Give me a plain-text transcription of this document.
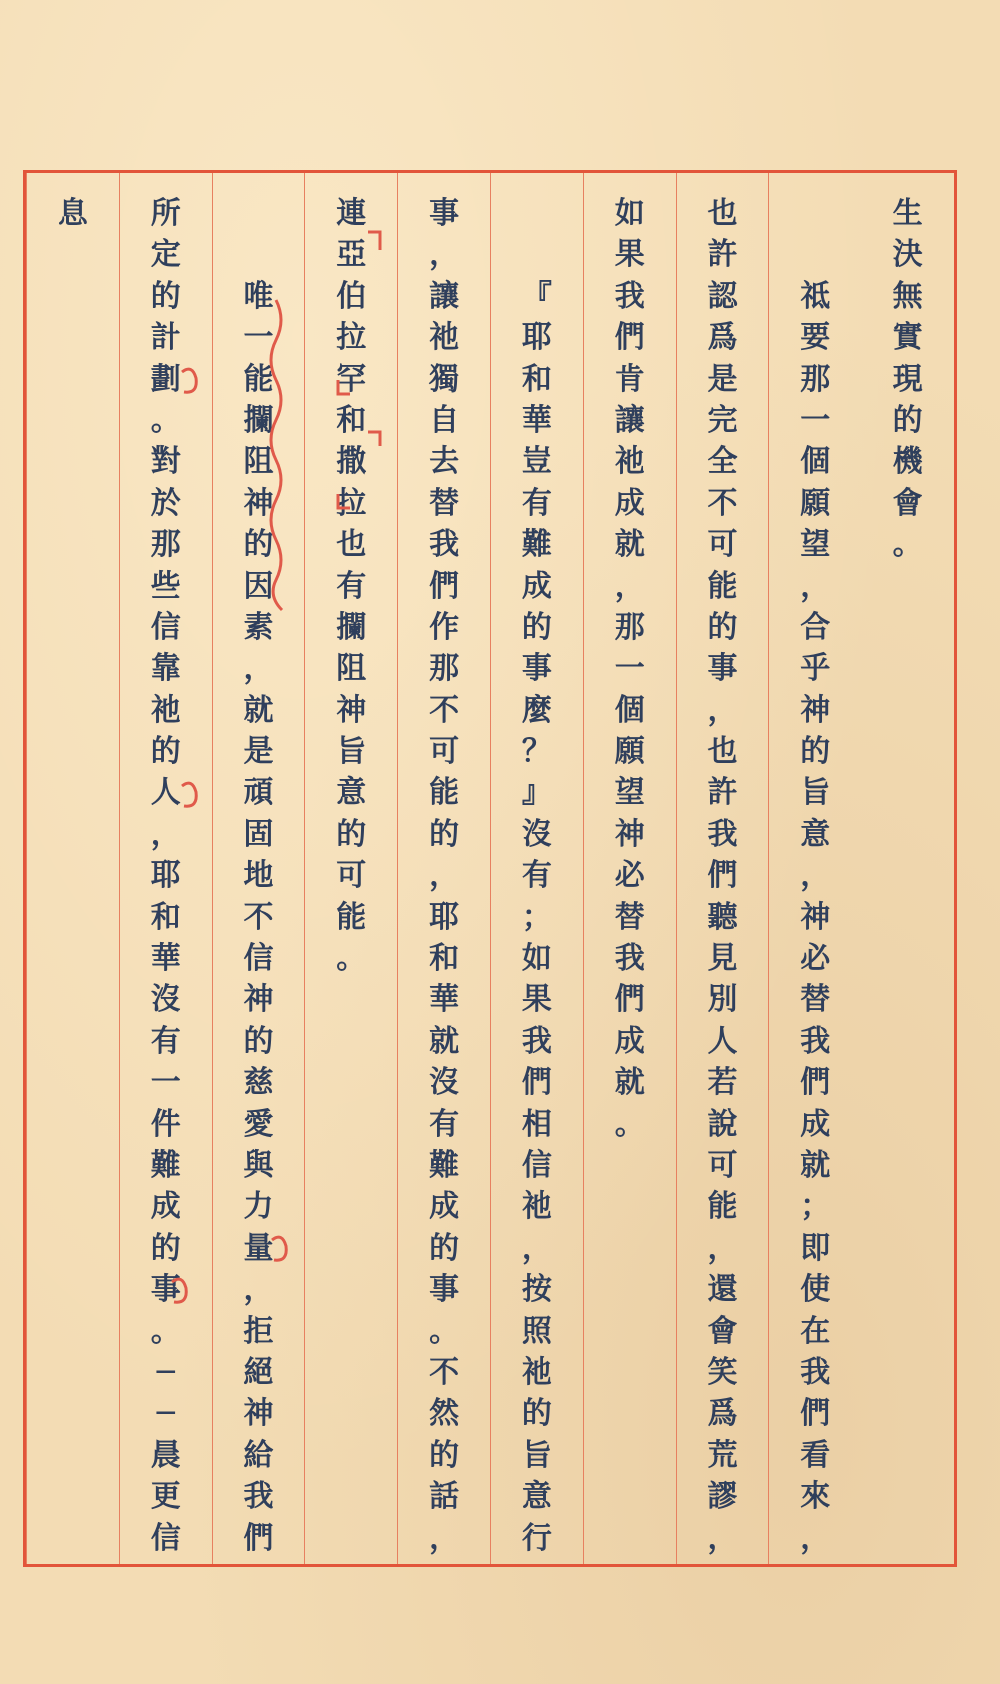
生
決
無
實
現
的
機
會
。
祗
要
那
一
個
願
望
，
合
乎
神
的
旨
意
，
神
必
替
我
們
成
就
；
即
使
在
我
們
看
來
，
也
許
認
爲
是
完
全
不
可
能
的
事
，
也
許
我
們
聽
見
別
人
若
說
可
能
，
還
會
笑
爲
荒
謬
，
如
果
我
們
肯
讓
祂
成
就
，
那
一
個
願
望
神
必
替
我
們
成
就
。
『
耶
和
華
豈
有
難
成
的
事
麼
？
』
沒
有
；
如
果
我
們
相
信
祂
，
按
照
祂
的
旨
意
行
事
，
讓
祂
獨
自
去
替
我
們
作
那
不
可
能
的
，
耶
和
華
就
沒
有
難
成
的
事
。
不
然
的
話
，
連
亞
伯
拉
罕
和
撒
拉
也
有
攔
阻
神
旨
意
的
可
能
。
唯
一
能
攔
阻
神
的
因
素
，
就
是
頑
固
地
不
信
神
的
慈
愛
與
力
量
，
拒
絕
神
給
我
們
所
定
的
計
劃
。
對
於
那
些
信
靠
祂
的
人
，
耶
和
華
沒
有
一
件
難
成
的
事
。
─
─
晨
更
信
息
